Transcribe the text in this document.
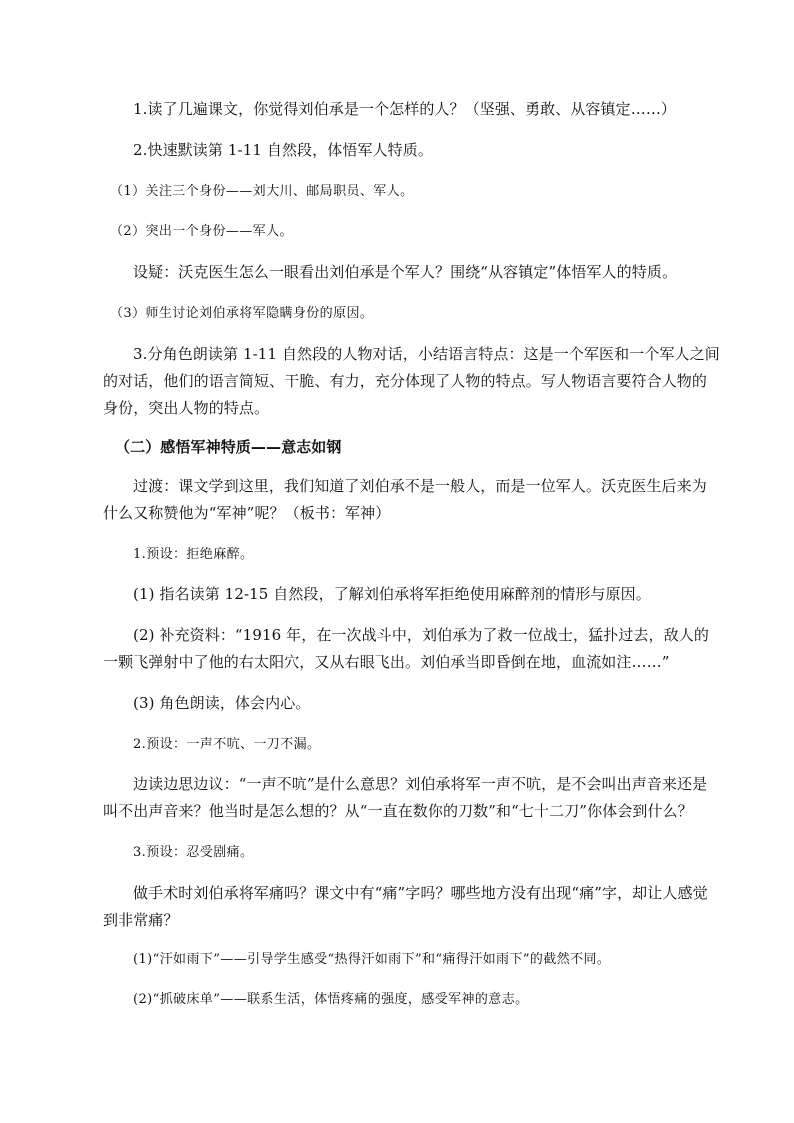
1.读了几遍课文，你觉得刘伯承是一个怎样的人？（坚强、勇敢、从容镇定……）

2.快速默读第 1-11 自然段，体悟军人特质。

（1）关注三个身份——刘大川、邮局职员、军人。

（2）突出一个身份——军人。

设疑：沃克医生怎么一眼看出刘伯承是个军人？围绕“从容镇定”体悟军人的特质。

（3）师生讨论刘伯承将军隐瞒身份的原因。

3.分角色朗读第 1-11 自然段的人物对话，小结语言特点：这是一个军医和一个军人之间的对话，他们的语言简短、干脆、有力，充分体现了人物的特点。写人物语言要符合人物的身份，突出人物的特点。

（二）感悟军神特质——意志如钢

过渡：课文学到这里，我们知道了刘伯承不是一般人，而是一位军人。沃克医生后来为什么又称赞他为“军神”呢？（板书：军神）

1.预设：拒绝麻醉。

(1) 指名读第 12-15 自然段，了解刘伯承将军拒绝使用麻醉剂的情形与原因。

(2) 补充资料：“1916 年，在一次战斗中，刘伯承为了救一位战士，猛扑过去，敌人的一颗飞弹射中了他的右太阳穴，又从右眼飞出。刘伯承当即昏倒在地，血流如注……”

(3) 角色朗读，体会内心。

2.预设：一声不吭、一刀不漏。

边读边思边议：“一声不吭”是什么意思？刘伯承将军一声不吭，是不会叫出声音来还是叫不出声音来？他当时是怎么想的？从“一直在数你的刀数”和“七十二刀”你体会到什么？

3.预设：忍受剧痛。

做手术时刘伯承将军痛吗？课文中有“痛”字吗？哪些地方没有出现“痛”字，却让人感觉到非常痛？

(1)“汗如雨下”——引导学生感受“热得汗如雨下”和“痛得汗如雨下”的截然不同。

(2)“抓破床单”——联系生活，体悟疼痛的强度，感受军神的意志。
